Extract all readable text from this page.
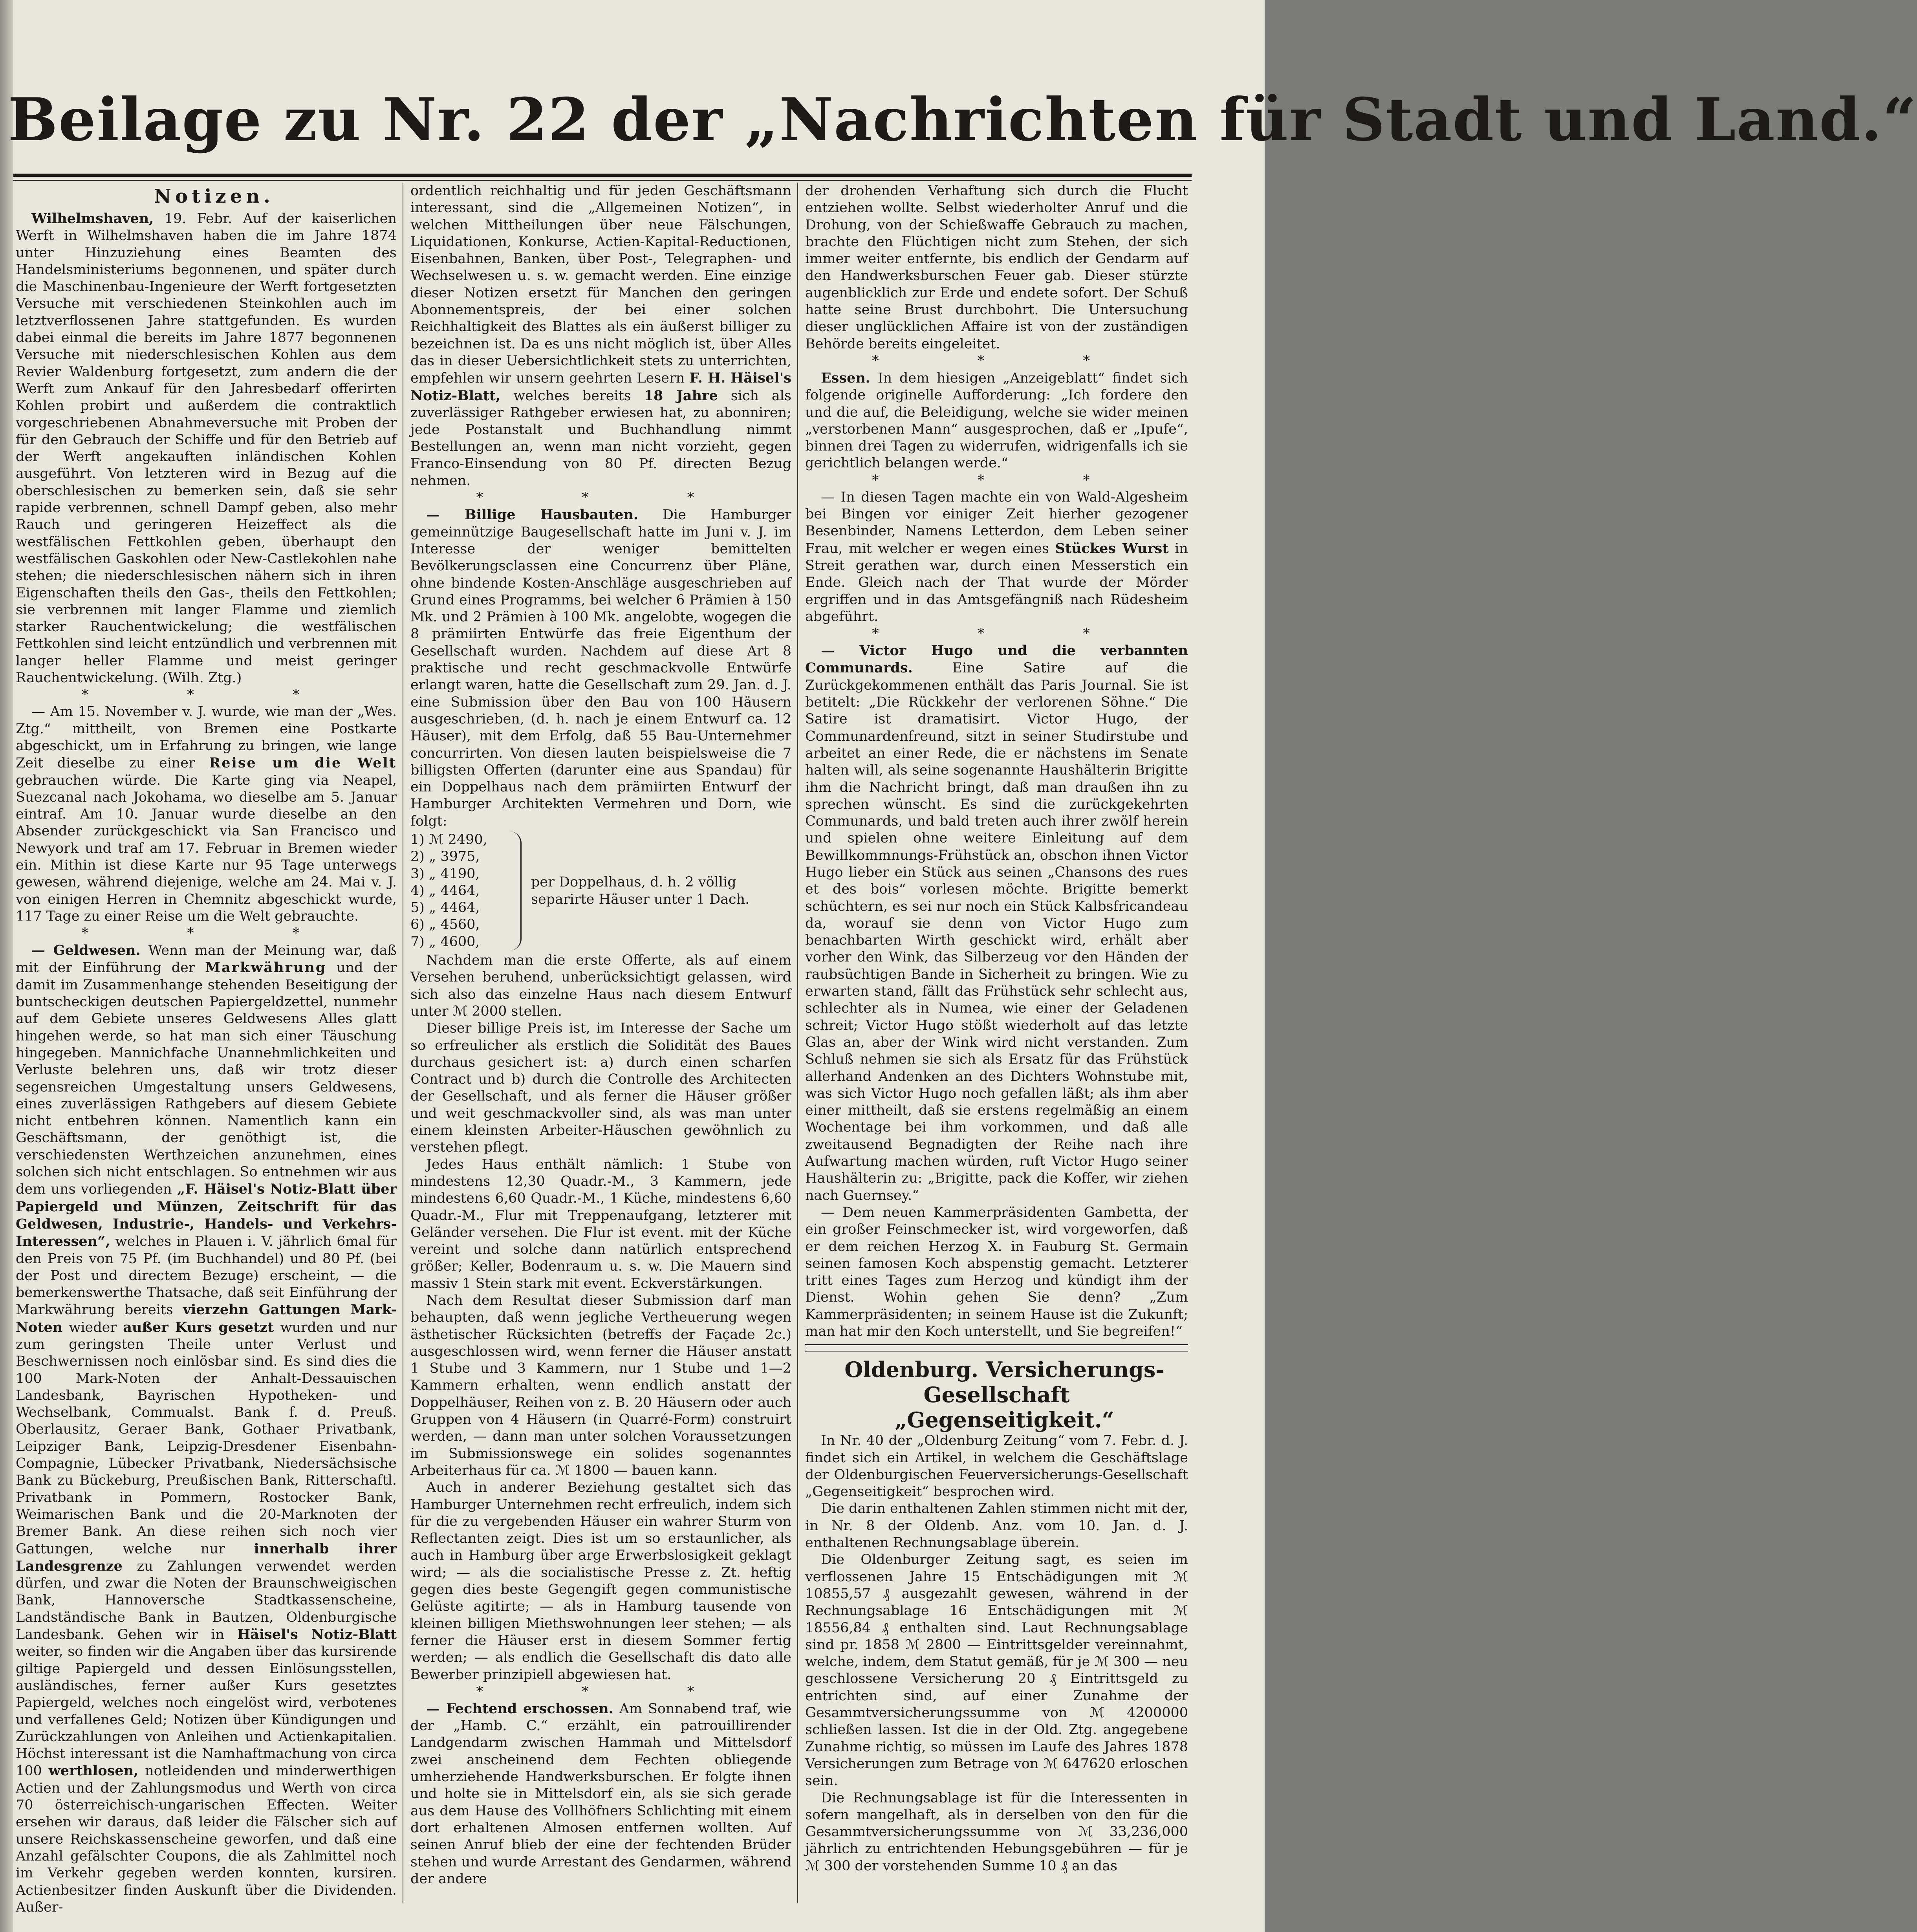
Beilage zu Nr. 22 der „Nachrichten für Stadt und Land.“

Notizen.

Wilhelmshaven, 19. Febr. Auf der kaiserlichen Werft in Wilhelmshaven haben die im Jahre 1874 unter Hinzuziehung eines Beamten des Handelsministeriums begonnenen, und später durch die Maschinenbau-Ingenieure der Werft fortgesetzten Versuche mit verschiedenen Steinkohlen auch im letztverflossenen Jahre stattgefunden. Es wurden dabei einmal die bereits im Jahre 1877 begonnenen Versuche mit niederschlesischen Kohlen aus dem Revier Waldenburg fortgesetzt, zum andern die der Werft zum Ankauf für den Jahresbedarf offerirten Kohlen probirt und außerdem die contraktlich vorgeschriebenen Abnahmeversuche mit Proben der für den Gebrauch der Schiffe und für den Betrieb auf der Werft angekauften inländischen Kohlen ausgeführt. Von letzteren wird in Bezug auf die oberschlesischen zu bemerken sein, daß sie sehr rapide verbrennen, schnell Dampf geben, also mehr Rauch und geringeren Heizeffect als die westfälischen Fettkohlen geben, überhaupt den westfälischen Gaskohlen oder New-Castlekohlen nahe stehen; die niederschlesischen nähern sich in ihren Eigenschaften theils den Gas-, theils den Fettkohlen; sie verbrennen mit langer Flamme und ziemlich starker Rauchentwickelung; die westfälischen Fettkohlen sind leicht entzündlich und verbrennen mit langer heller Flamme und meist geringer Rauchentwickelung. (Wilh. Ztg.)

* * *

— Am 15. November v. J. wurde, wie man der „Wes. Ztg.“ mittheilt, von Bremen eine Postkarte abgeschickt, um in Erfahrung zu bringen, wie lange Zeit dieselbe zu einer Reise um die Welt gebrauchen würde. Die Karte ging via Neapel, Suezcanal nach Jokohama, wo dieselbe am 5. Januar eintraf. Am 10. Januar wurde dieselbe an den Absender zurückgeschickt via San Francisco und Newyork und traf am 17. Februar in Bremen wieder ein. Mithin ist diese Karte nur 95 Tage unterwegs gewesen, während diejenige, welche am 24. Mai v. J. von einigen Herren in Chemnitz abgeschickt wurde, 117 Tage zu einer Reise um die Welt gebrauchte.

* * *

— Geldwesen. Wenn man der Meinung war, daß mit der Einführung der Markwährung und der damit im Zusammenhange stehenden Beseitigung der buntscheckigen deutschen Papiergeldzettel, nunmehr auf dem Gebiete unseres Geldwesens Alles glatt hingehen werde, so hat man sich einer Täuschung hingegeben. Mannichfache Unannehmlichkeiten und Verluste belehren uns, daß wir trotz dieser segensreichen Umgestaltung unsers Geldwesens, eines zuverlässigen Rathgebers auf diesem Gebiete nicht entbehren können. Namentlich kann ein Geschäftsmann, der genöthigt ist, die verschiedensten Werthzeichen anzunehmen, eines solchen sich nicht entschlagen. So entnehmen wir aus dem uns vorliegenden „F. Häisel's Notiz-Blatt über Papiergeld und Münzen, Zeitschrift für das Geldwesen, Industrie-, Handels- und Verkehrs-Interessen“, welches in Plauen i. V. jährlich 6mal für den Preis von 75 Pf. (im Buchhandel) und 80 Pf. (bei der Post und directem Bezuge) erscheint, — die bemerkenswerthe Thatsache, daß seit Einführung der Markwährung bereits vierzehn Gattungen Mark-Noten wieder außer Kurs gesetzt wurden und nur zum geringsten Theile unter Verlust und Beschwernissen noch einlösbar sind. Es sind dies die 100 Mark-Noten der Anhalt-Dessauischen Landesbank, Bayrischen Hypotheken- und Wechselbank, Commualst. Bank f. d. Preuß. Oberlausitz, Geraer Bank, Gothaer Privatbank, Leipziger Bank, Leipzig-Dresdener Eisenbahn-Compagnie, Lübecker Privatbank, Niedersächsische Bank zu Bückeburg, Preußischen Bank, Ritterschaftl. Privatbank in Pommern, Rostocker Bank, Weimarischen Bank und die 20-Marknoten der Bremer Bank. An diese reihen sich noch vier Gattungen, welche nur innerhalb ihrer Landesgrenze zu Zahlungen verwendet werden dürfen, und zwar die Noten der Braunschweigischen Bank, Hannoversche Stadtkassenscheine, Landständische Bank in Bautzen, Oldenburgische Landesbank. Gehen wir in Häisel's Notiz-Blatt weiter, so finden wir die Angaben über das kursirende giltige Papiergeld und dessen Einlösungsstellen, ausländisches, ferner außer Kurs gesetztes Papiergeld, welches noch eingelöst wird, verbotenes und verfallenes Geld; Notizen über Kündigungen und Zurückzahlungen von Anleihen und Actienkapitalien. Höchst interessant ist die Namhaftmachung von circa 100 werthlosen, notleidenden und minderwerthigen Actien und der Zahlungsmodus und Werth von circa 70 österreichisch-ungarischen Effecten. Weiter ersehen wir daraus, daß leider die Fälscher sich auf unsere Reichskassenscheine geworfen, und daß eine Anzahl gefälschter Coupons, die als Zahlmittel noch im Verkehr gegeben werden konnten, kursiren. Actienbesitzer finden Auskunft über die Dividenden. Außer-

ordentlich reichhaltig und für jeden Geschäftsmann interessant, sind die „Allgemeinen Notizen“, in welchen Mittheilungen über neue Fälschungen, Liquidationen, Konkurse, Actien-Kapital-Reductionen, Eisenbahnen, Banken, über Post-, Telegraphen- und Wechselwesen u. s. w. gemacht werden. Eine einzige dieser Notizen ersetzt für Manchen den geringen Abonnementspreis, der bei einer solchen Reichhaltigkeit des Blattes als ein äußerst billiger zu bezeichnen ist. Da es uns nicht möglich ist, über Alles das in dieser Uebersichtlichkeit stets zu unterrichten, empfehlen wir unsern geehrten Lesern F. H. Häisel's Notiz-Blatt, welches bereits 18 Jahre sich als zuverlässiger Rathgeber erwiesen hat, zu abonniren; jede Postanstalt und Buchhandlung nimmt Bestellungen an, wenn man nicht vorzieht, gegen Franco-Einsendung von 80 Pf. directen Bezug nehmen.

* * *

— Billige Hausbauten. Die Hamburger gemeinnützige Baugesellschaft hatte im Juni v. J. im Interesse der weniger bemittelten Bevölkerungsclassen eine Concurrenz über Pläne, ohne bindende Kosten-Anschläge ausgeschrieben auf Grund eines Programms, bei welcher 6 Prämien à 150 Mk. und 2 Prämien à 100 Mk. angelobte, wogegen die 8 prämiirten Entwürfe das freie Eigenthum der Gesellschaft wurden. Nachdem auf diese Art 8 praktische und recht geschmackvolle Entwürfe erlangt waren, hatte die Gesellschaft zum 29. Jan. d. J. eine Submission über den Bau von 100 Häusern ausgeschrieben, (d. h. nach je einem Entwurf ca. 12 Häuser), mit dem Erfolg, daß 55 Bau-Unternehmer concurrirten. Von diesen lauten beispielsweise die 7 billigsten Offerten (darunter eine aus Spandau) für ein Doppelhaus nach dem prämiirten Entwurf der Hamburger Architekten Vermehren und Dorn, wie folgt:

1) ℳ 2490,
2) „ 3975,
3) „ 4190,
4) „ 4464,
5) „ 4464,
6) „ 4560,
7) „ 4600,
per Doppelhaus, d. h. 2 völlig separirte Häuser unter 1 Dach.

Nachdem man die erste Offerte, als auf einem Versehen beruhend, unberücksichtigt gelassen, wird sich also das einzelne Haus nach diesem Entwurf unter ℳ 2000 stellen.

Dieser billige Preis ist, im Interesse der Sache um so erfreulicher als erstlich die Solidität des Baues durchaus gesichert ist: a) durch einen scharfen Contract und b) durch die Controlle des Architecten der Gesellschaft, und als ferner die Häuser größer und weit geschmackvoller sind, als was man unter einem kleinsten Arbeiter-Häuschen gewöhnlich zu verstehen pflegt.

Jedes Haus enthält nämlich: 1 Stube von mindestens 12,30 Quadr.-M., 3 Kammern, jede mindestens 6,60 Quadr.-M., 1 Küche, mindestens 6,60 Quadr.-M., Flur mit Treppenaufgang, letzterer mit Geländer versehen. Die Flur ist event. mit der Küche vereint und solche dann natürlich entsprechend größer; Keller, Bodenraum u. s. w. Die Mauern sind massiv 1 Stein stark mit event. Eckverstärkungen.

Nach dem Resultat dieser Submission darf man behaupten, daß wenn jegliche Vertheuerung wegen ästhetischer Rücksichten (betreffs der Façade 2c.) ausgeschlossen wird, wenn ferner die Häuser anstatt 1 Stube und 3 Kammern, nur 1 Stube und 1—2 Kammern erhalten, wenn endlich anstatt der Doppelhäuser, Reihen von z. B. 20 Häusern oder auch Gruppen von 4 Häusern (in Quarré-Form) construirt werden, — dann man unter solchen Voraussetzungen im Submissionswege ein solides sogenanntes Arbeiterhaus für ca. ℳ 1800 — bauen kann.

Auch in anderer Beziehung gestaltet sich das Hamburger Unternehmen recht erfreulich, indem sich für die zu vergebenden Häuser ein wahrer Sturm von Reflectanten zeigt. Dies ist um so erstaunlicher, als auch in Hamburg über arge Erwerbslosigkeit geklagt wird; — als die socialistische Presse z. Zt. heftig gegen dies beste Gegengift gegen communistische Gelüste agitirte; — als in Hamburg tausende von kleinen billigen Miethswohnungen leer stehen; — als ferner die Häuser erst in diesem Sommer fertig werden; — als endlich die Gesellschaft dis dato alle Bewerber prinzipiell abgewiesen hat.

* * *

— Fechtend erschossen. Am Sonnabend traf, wie der „Hamb. C.“ erzählt, ein patrouillirender Landgendarm zwischen Hammah und Mittelsdorf zwei anscheinend dem Fechten obliegende umherziehende Handwerksburschen. Er folgte ihnen und holte sie in Mittelsdorf ein, als sie sich gerade aus dem Hause des Vollhöfners Schlichting mit einem dort erhaltenen Almosen entfernen wollten. Auf seinen Anruf blieb der eine der fechtenden Brüder stehen und wurde Arrestant des Gendarmen, während der andere

der drohenden Verhaftung sich durch die Flucht entziehen wollte. Selbst wiederholter Anruf und die Drohung, von der Schießwaffe Gebrauch zu machen, brachte den Flüchtigen nicht zum Stehen, der sich immer weiter entfernte, bis endlich der Gendarm auf den Handwerksburschen Feuer gab. Dieser stürzte augenblicklich zur Erde und endete sofort. Der Schuß hatte seine Brust durchbohrt. Die Untersuchung dieser unglücklichen Affaire ist von der zuständigen Behörde bereits eingeleitet.

* * *

Essen. In dem hiesigen „Anzeigeblatt“ findet sich folgende originelle Aufforderung: „Ich fordere den und die auf, die Beleidigung, welche sie wider meinen „verstorbenen Mann“ ausgesprochen, daß er „Ipufe“, binnen drei Tagen zu widerrufen, widrigenfalls ich sie gerichtlich belangen werde.“

* * *

— In diesen Tagen machte ein von Wald-Algesheim bei Bingen vor einiger Zeit hierher gezogener Besenbinder, Namens Letterdon, dem Leben seiner Frau, mit welcher er wegen eines Stückes Wurst in Streit gerathen war, durch einen Messerstich ein Ende. Gleich nach der That wurde der Mörder ergriffen und in das Amtsgefängniß nach Rüdesheim abgeführt.

* * *

— Victor Hugo und die verbannten Communards.	Eine Satire auf die Zurückgekommenen enthält das Paris Journal. Sie ist betitelt: „Die Rückkehr der verlorenen Söhne.“ Die Satire ist dramatisirt. Victor Hugo, der Communardenfreund, sitzt in seiner Studirstube und arbeitet an einer Rede, die er nächstens im Senate halten will, als seine sogenannte Haushälterin Brigitte ihm die Nachricht bringt, daß man draußen ihn zu sprechen wünscht. Es sind die zurückgekehrten Communards, und bald treten auch ihrer zwölf herein und spielen ohne weitere Einleitung auf dem Bewillkommnungs-Frühstück an, obschon ihnen Victor Hugo lieber ein Stück aus seinen „Chansons des rues et des bois“ vorlesen möchte. Brigitte bemerkt schüchtern, es sei nur noch ein Stück Kalbsfricandeau da, worauf sie denn von Victor Hugo zum benachbarten Wirth geschickt wird, erhält aber vorher den Wink, das Silberzeug vor den Händen der raubsüchtigen Bande in Sicherheit zu bringen. Wie zu erwarten stand, fällt das Frühstück sehr schlecht aus, schlechter als in Numea, wie einer der Geladenen schreit; Victor Hugo stößt wiederholt auf das letzte Glas an, aber der Wink wird nicht verstanden. Zum Schluß nehmen sie sich als Ersatz für das Frühstück allerhand Andenken an des Dichters Wohnstube mit, was sich Victor Hugo noch gefallen läßt; als ihm aber einer mittheilt, daß sie erstens regelmäßig an einem Wochentage bei ihm vorkommen, und daß alle zweitausend Begnadigten der Reihe nach ihre Aufwartung machen würden, ruft Victor Hugo seiner Haushälterin zu: „Brigitte, pack die Koffer, wir ziehen nach Guernsey.“

— Dem neuen Kammerpräsidenten Gambetta, der ein großer Feinschmecker ist, wird vorgeworfen, daß er dem reichen Herzog X. in Fauburg St. Germain seinen famosen Koch abspenstig gemacht. Letzterer tritt eines Tages zum Herzog und kündigt ihm der Dienst. Wohin gehen Sie denn? „Zum Kammerpräsidenten; in seinem Hause ist die Zukunft; man hat mir den Koch unterstellt, und Sie begreifen!“

Oldenburg. Versicherungs-Gesellschaft

„Gegenseitigkeit.“

In Nr. 40 der „Oldenburg Zeitung“ vom 7. Febr. d. J. findet sich ein Artikel, in welchem die Geschäftslage der Oldenburgischen Feuerversicherungs-Gesellschaft „Gegenseitigkeit“ besprochen wird.

Die darin enthaltenen Zahlen stimmen nicht mit der, in Nr. 8 der Oldenb. Anz. vom 10. Jan. d. J. enthaltenen Rechnungsablage überein.

Die Oldenburger Zeitung sagt, es seien im verflossenen Jahre 15 Entschädigungen mit ℳ 10855,57 ₰ ausgezahlt gewesen, während in der Rechnungsablage 16 Entschädigungen mit ℳ 18556,84 ₰ enthalten sind. Laut Rechnungsablage sind pr. 1858 ℳ 2800 — Eintrittsgelder vereinnahmt, welche, indem, dem Statut gemäß, für je ℳ 300 — neu geschlossene Versicherung 20 ₰ Eintrittsgeld zu entrichten sind, auf einer Zunahme der Gesammtversicherungssumme von ℳ 4200000 schließen lassen. Ist die in der Old. Ztg. angegebene Zunahme richtig, so müssen im Laufe des Jahres 1878 Versicherungen zum Betrage von ℳ 647620 erloschen sein.

Die Rechnungsablage ist für die Interessenten in sofern mangelhaft, als in derselben von den für die Gesammtversicherungssumme von ℳ 33,236,000 jährlich zu entrichtenden Hebungsgebühren — für je ℳ 300 der vorstehenden Summe 10 ₰ an das
